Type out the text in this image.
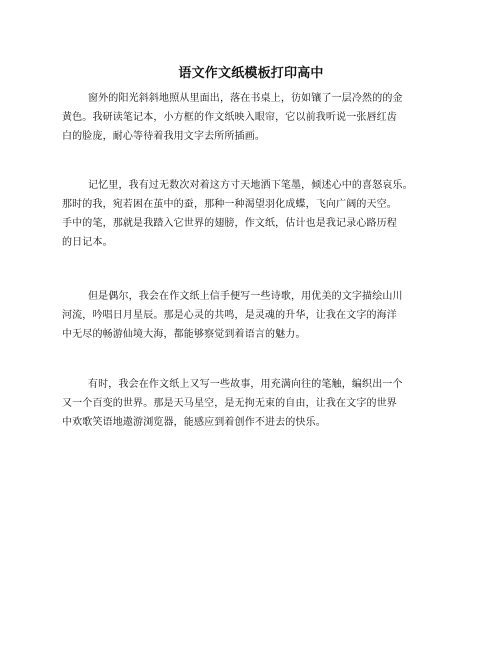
语文作文纸模板打印高中
窗外的阳光斜斜地照从里面出，落在书桌上，彷如镶了一层冷然的的金
黄色。我研读笔记本，小方框的作文纸映入眼帘，它以前我听说一张唇红齿
白的脸庞，耐心等待着我用文字去所所插画。
记忆里，我有过无数次对着这方寸天地洒下笔墨，倾述心中的喜怒哀乐。
那时的我，宛若困在茧中的蚕，那种一种渴望羽化成蝶，飞向广阔的天空。
手中的笔，那就是我踏入它世界的翅膀，作文纸，估计也是我记录心路历程
的日记本。
但是偶尔，我会在作文纸上信手便写一些诗歌，用优美的文字描绘山川
河流，吟唱日月星辰。那是心灵的共鸣，是灵魂的升华，让我在文字的海洋
中无尽的畅游仙境大海，都能够察觉到着语言的魅力。
有时，我会在作文纸上又写一些故事，用充满向往的笔触，编织出一个
又一个百变的世界。那是天马星空，是无拘无束的自由，让我在文字的世界
中欢歌笑语地遨游浏览器，能感应到着创作不进去的快乐。
